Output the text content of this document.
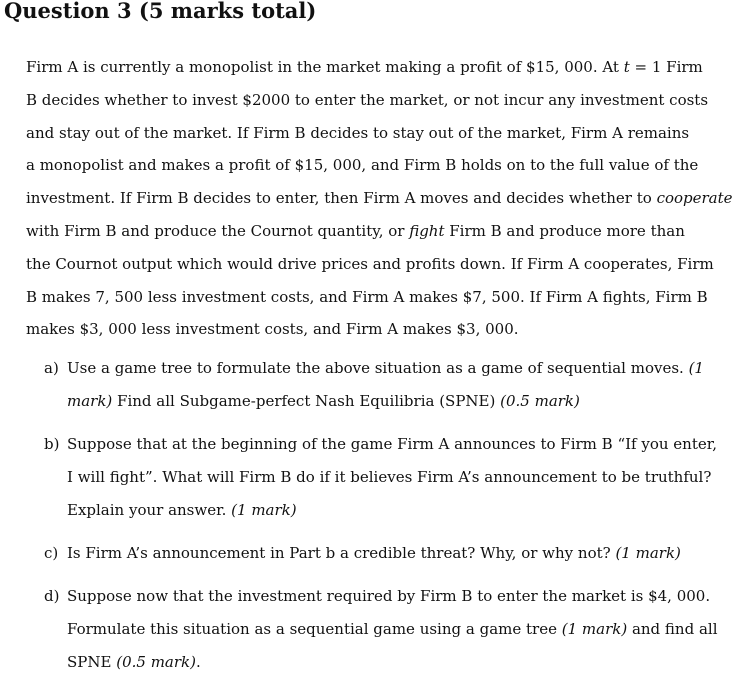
Question 3 (5 marks total)
Firm A is currently a monopolist in the market making a profit of $15, 000. At t = 1 Firm
B decides whether to invest $2000 to enter the market, or not incur any investment costs
and stay out of the market. If Firm B decides to stay out of the market, Firm A remains
a monopolist and makes a profit of $15, 000, and Firm B holds on to the full value of the
investment. If Firm B decides to enter, then Firm A moves and decides whether to cooperate
with Firm B and produce the Cournot quantity, or fight Firm B and produce more than
the Cournot output which would drive prices and profits down. If Firm A cooperates, Firm
B makes 7, 500 less investment costs, and Firm A makes $7, 500. If Firm A fights, Firm B
makes $3, 000 less investment costs, and Firm A makes $3, 000.
a) Use a game tree to formulate the above situation as a game of sequential moves. (1
mark) Find all Subgame-perfect Nash Equilibria (SPNE) (0.5 mark)
b) Suppose that at the beginning of the game Firm A announces to Firm B “If you enter,
I will fight”. What will Firm B do if it believes Firm A’s announcement to be truthful?
Explain your answer. (1 mark)
c) Is Firm A’s announcement in Part b a credible threat? Why, or why not? (1 mark)
d) Suppose now that the investment required by Firm B to enter the market is $4, 000.
Formulate this situation as a sequential game using a game tree (1 mark) and find all
SPNE (0.5 mark).
